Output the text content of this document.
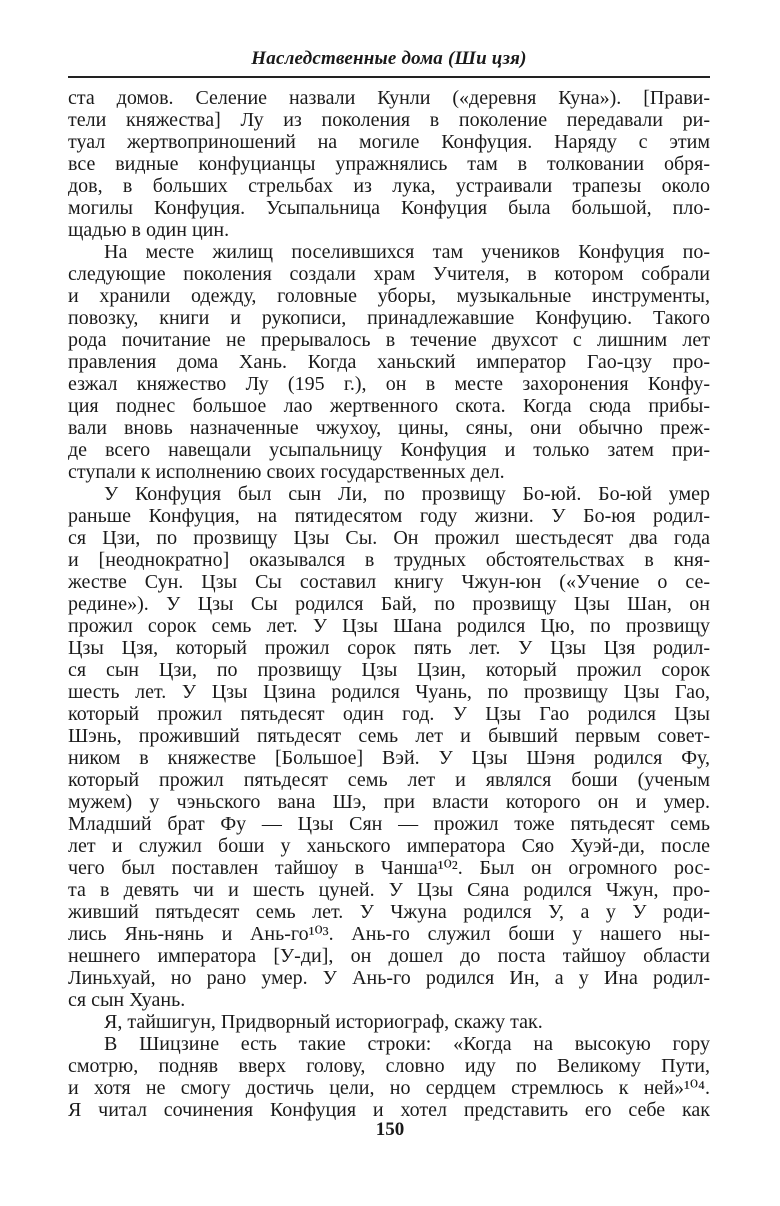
Наследственные дома (Ши цзя)
ста домов. Селение назвали Кунли («деревня Куна»). [Прави-
тели княжества] Лу из поколения в поколение передавали ри-
туал жертвоприношений на могиле Конфуция. Наряду с этим
все видные конфуцианцы упражнялись там в толковании обря-
дов, в больших стрельбах из лука, устраивали трапезы около
могилы Конфуция. Усыпальница Конфуция была большой, пло-
щадью в один цин.
На месте жилищ поселившихся там учеников Конфуция по-
следующие поколения создали храм Учителя, в котором собрали
и хранили одежду, головные уборы, музыкальные инструменты,
повозку, книги и рукописи, принадлежавшие Конфуцию. Такого
рода почитание не прерывалось в течение двухсот с лишним лет
правления дома Хань. Когда ханьский император Гао-цзу про-
езжал княжество Лу (195 г.), он в месте захоронения Конфу-
ция поднес большое лао жертвенного скота. Когда сюда прибы-
вали вновь назначенные чжухоу, цины, сяны, они обычно преж-
де всего навещали усыпальницу Конфуция и только затем при-
ступали к исполнению своих государственных дел.
У Конфуция был сын Ли, по прозвищу Бо-юй. Бо-юй умер
раньше Конфуция, на пятидесятом году жизни. У Бо-юя родил-
ся Цзи, по прозвищу Цзы Сы. Он прожил шестьдесят два года
и [неоднократно] оказывался в трудных обстоятельствах в кня-
жестве Сун. Цзы Сы составил книгу Чжун-юн («Учение о се-
редине»). У Цзы Сы родился Бай, по прозвищу Цзы Шан, он
прожил сорок семь лет. У Цзы Шана родился Цю, по прозвищу
Цзы Цзя, который прожил сорок пять лет. У Цзы Цзя родил-
ся сын Цзи, по прозвищу Цзы Цзин, который прожил сорок
шесть лет. У Цзы Цзина родился Чуань, по прозвищу Цзы Гао,
который прожил пятьдесят один год. У Цзы Гао родился Цзы
Шэнь, проживший пятьдесят семь лет и бывший первым совет-
ником в княжестве [Большое] Вэй. У Цзы Шэня родился Фу,
который прожил пятьдесят семь лет и являлся боши (ученым
мужем) у чэньского вана Шэ, при власти которого он и умер.
Младший брат Фу — Цзы Сян — прожил тоже пятьдесят семь
лет и служил боши у ханьского императора Сяо Хуэй-ди, после
чего был поставлен тайшоу в Чанша¹⁰². Был он огромного рос-
та в девять чи и шесть цуней. У Цзы Сяна родился Чжун, про-
живший пятьдесят семь лет. У Чжуна родился У, а у У роди-
лись Янь-нянь и Ань-го¹⁰³. Ань-го служил боши у нашего ны-
нешнего императора [У-ди], он дошел до поста тайшоу области
Линьхуай, но рано умер. У Ань-го родился Ин, а у Ина родил-
ся сын Хуань.
Я, тайшигун, Придворный историограф, скажу так.
В Шицзине есть такие строки: «Когда на высокую гору
смотрю, подняв вверх голову, словно иду по Великому Пути,
и хотя не смогу достичь цели, но сердцем стремлюсь к ней»¹⁰⁴.
Я читал сочинения Конфуция и хотел представить его себе как
150
